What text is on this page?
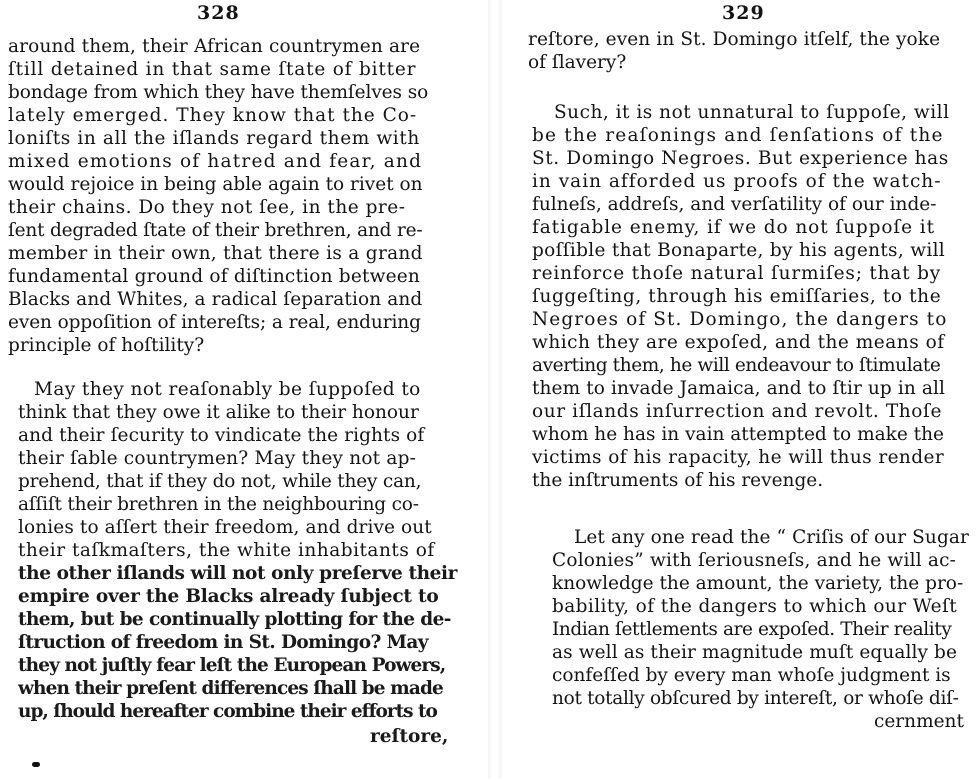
328
around them, their African countrymen are
ſtill detained in that same ſtate of bitter
bondage from which they have themſelves so
lately emerged. They know that the Co-
loniſts in all the iſlands regard them with
mixed emotions of hatred and fear, and
would rejoice in being able again to rivet on
their chains. Do they not ſee, in the pre-
ſent degraded ſtate of their brethren, and re-
member in their own, that there is a grand
fundamental ground of diſtinction between
Blacks and Whites, a radical ſeparation and
even oppoſition of intereſts; a real, enduring
principle of hoſtility?
May they not reaſonably be ſuppoſed to
think that they owe it alike to their honour
and their ſecurity to vindicate the rights of
their ſable countrymen? May they not ap-
prehend, that if they do not, while they can,
aſſiſt their brethren in the neighbouring co-
lonies to aſſert their freedom, and drive out
their taſkmaſters, the white inhabitants of
the other iſlands will not only preſerve their
empire over the Blacks already ſubject to
them, but be continually plotting for the de-
ſtruction of freedom in St. Domingo? May
they not juſtly fear leſt the European Powers,
when their preſent differences ſhall be made
up, ſhould hereafter combine their efforts to
reſtore,
329
reſtore, even in St. Domingo itſelf, the yoke
of ſlavery?
Such, it is not unnatural to ſuppoſe, will
be the reaſonings and ſenſations of the
St. Domingo Negroes. But experience has
in vain afforded us proofs of the watch-
fulneſs, addreſs, and verſatility of our inde-
fatigable enemy, if we do not ſuppoſe it
poſſible that Bonaparte, by his agents, will
reinforce thoſe natural ſurmiſes; that by
ſuggeſting, through his emiſſaries, to the
Negroes of St. Domingo, the dangers to
which they are expoſed, and the means of
averting them, he will endeavour to ſtimulate
them to invade Jamaica, and to ſtir up in all
our iſlands inſurrection and revolt. Thoſe
whom he has in vain attempted to make the
victims of his rapacity, he will thus render
the inſtruments of his revenge.
Let any one read the “ Criſis of our Sugar
Colonies” with ſeriousneſs, and he will ac-
knowledge the amount, the variety, the pro-
bability, of the dangers to which our Weſt
Indian ſettlements are expoſed. Their reality
as well as their magnitude muſt equally be
confeſſed by every man whoſe judgment is
not totally obſcured by intereſt, or whoſe diſ-
cernment
